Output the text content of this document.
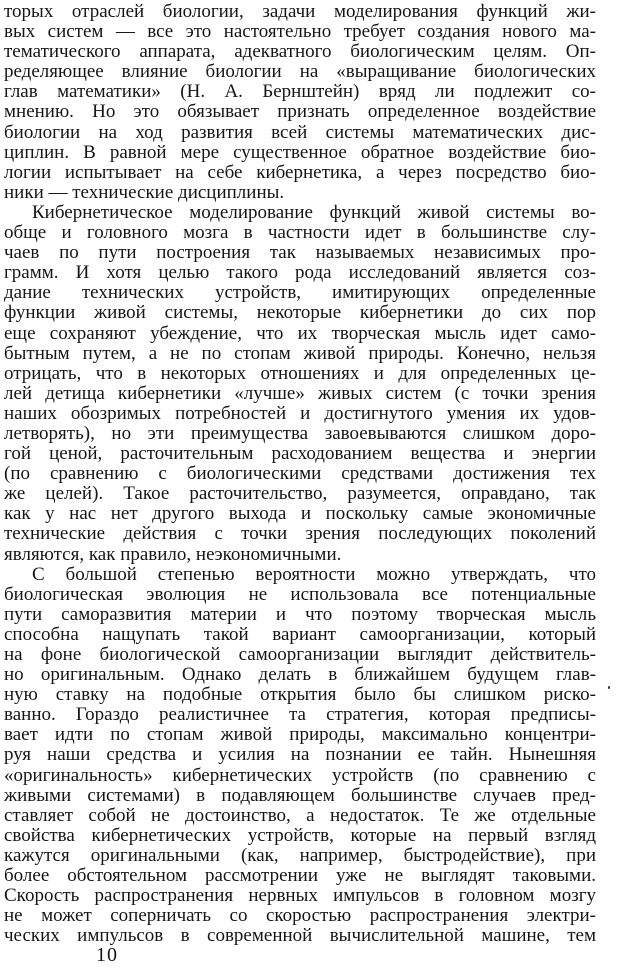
торых отраслей биологии, задачи моделирования функций жи-
вых систем — все это настоятельно требует создания нового ма-
тематического аппарата, адекватного биологическим целям. Оп-
ределяющее влияние биологии на «выращивание биологических
глав математики» (Н. А. Бернштейн) вряд ли подлежит со-
мнению. Но это обязывает признать определенное воздействие
биологии на ход развития всей системы математических дис-
циплин. В равной мере существенное обратное воздействие био-
логии испытывает на себе кибернетика, а через посредство био-
ники — технические дисциплины.
Кибернетическое моделирование функций живой системы во-
обще и головного мозга в частности идет в большинстве слу-
чаев по пути построения так называемых независимых про-
грамм. И хотя целью такого рода исследований является соз-
дание технических устройств, имитирующих определенные
функции живой системы, некоторые кибернетики до сих пор
еще сохраняют убеждение, что их творческая мысль идет само-
бытным путем, а не по стопам живой природы. Конечно, нельзя
отрицать, что в некоторых отношениях и для определенных це-
лей детища кибернетики «лучше» живых систем (с точки зрения
наших обозримых потребностей и достигнутого умения их удов-
летворять), но эти преимущества завоевываются слишком доро-
гой ценой, расточительным расходованием вещества и энергии
(по сравнению с биологическими средствами достижения тех
же целей). Такое расточительство, разумеется, оправдано, так
как у нас нет другого выхода и поскольку самые экономичные
технические действия с точки зрения последующих поколений
являются, как правило, неэкономичными.
С большой степенью вероятности можно утверждать, что
биологическая эволюция не использовала все потенциальные
пути саморазвития материи и что поэтому творческая мысль
способна нащупать такой вариант самоорганизации, который
на фоне биологической самоорганизации выглядит действитель-
но оригинальным. Однако делать в ближайшем будущем глав-
ную ставку на подобные открытия было бы слишком риско-
ванно. Гораздо реалистичнее та стратегия, которая предписы-
вает идти по стопам живой природы, максимально концентри-
руя наши средства и усилия на познании ее тайн. Нынешняя
«оригинальность» кибернетических устройств (по сравнению с
живыми системами) в подавляющем большинстве случаев пред-
ставляет собой не достоинство, а недостаток. Те же отдельные
свойства кибернетических устройств, которые на первый взгляд
кажутся оригинальными (как, например, быстродействие), при
более обстоятельном рассмотрении уже не выглядят таковыми.
Скорость распространения нервных импульсов в головном мозгу
не может соперничать со скоростью распространения электри-
ческих импульсов в современной вычислительной машине, тем
10
